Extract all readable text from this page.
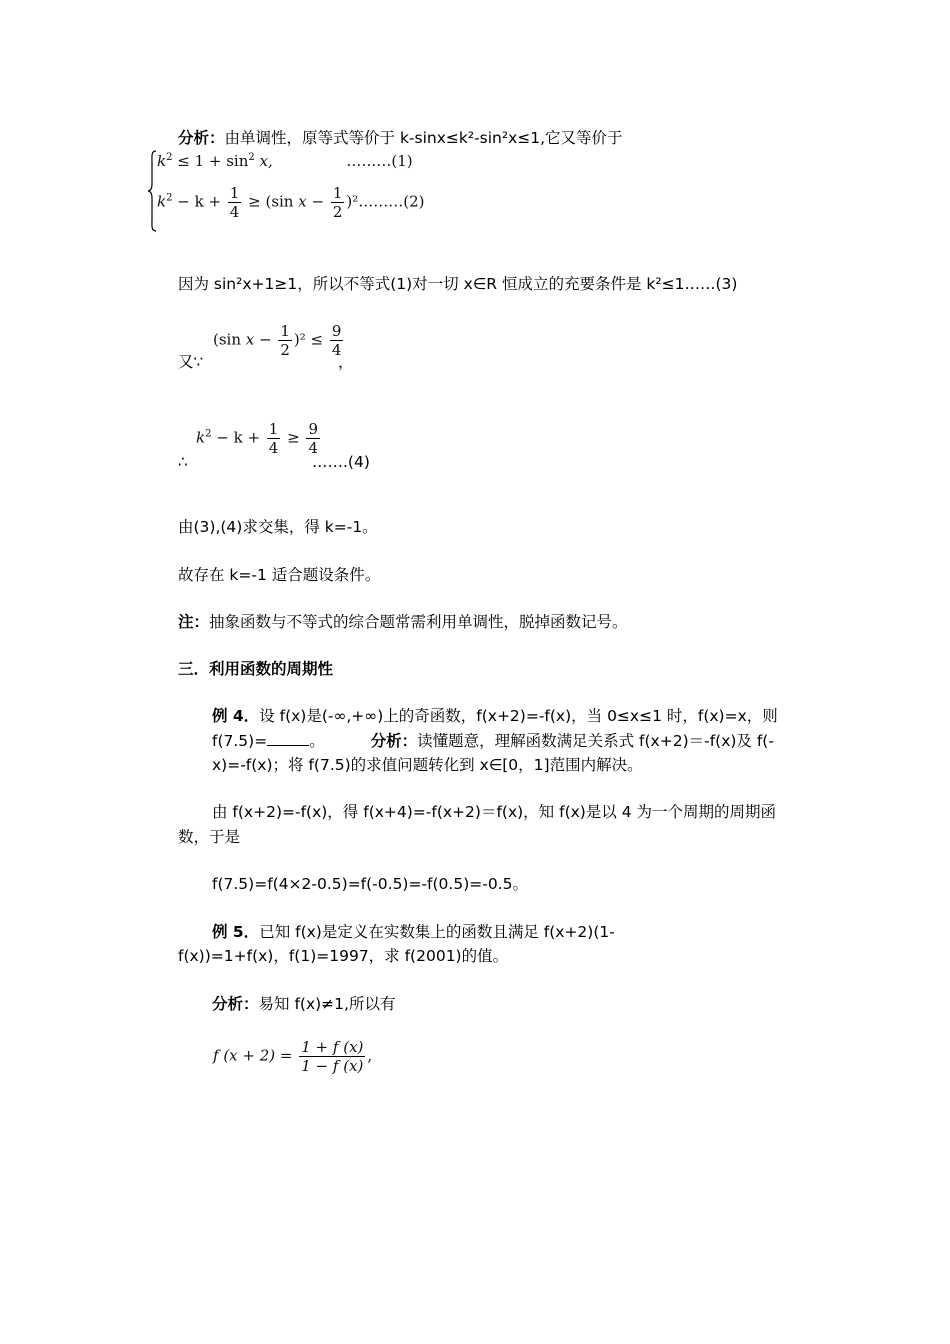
分析：由单调性，原等式等价于 k-sinx≤k²-sin²x≤1,它又等价于
$k^2 \le 1 + \sin^2 x$,	………(1)
$k^2 - k + \frac{1}{4} \ge (\sin$ $x - \frac{1}{2}$ )²………(2)
因为 sin²x+1≥1，所以不等式(1)对一切 x∈R 恒成立的充要条件是 k²≤1……(3)
又∵
(sin $x - \frac{1}{2} )^2 \le \frac{9}{4}$
，
∴
$k^2 - k + \frac{1}{4} \ge \frac{9}{4}$
…….(4)
由(3),(4)求交集，得 k=-1。
故存在 k=-1 适合题设条件。
注：抽象函数与不等式的综合题常需利用单调性，脱掉函数记号。
三．利用函数的周期性
例 4．设 f(x)是(-∞,+∞)上的奇函数，f(x+2)=-f(x)，当 0≤x≤1 时，f(x)=x，则
f(7.5)=	。	分析：读懂题意，理解函数满足关系式 f(x+2)＝-f(x)及 f(-
x)=-f(x)；将 f(7.5)的求值问题转化到 x∈[0，1]范围内解决。
由 f(x+2)=-f(x)，得 f(x+4)=-f(x+2)＝f(x)，知 f(x)是以 4 为一个周期的周期函
数，于是
f(7.5)=f(4×2-0.5)=f(-0.5)=-f(0.5)=-0.5。
例 5．已知 f(x)是定义在实数集上的函数且满足 f(x+2)(1-
f(x))=1+f(x)，f(1)=1997，求 f(2001)的值。
分析：易知 f(x)≠1,所以有
f $(x + 2) = \frac{1 + f (x)}{1 - f (x)}$ ,
